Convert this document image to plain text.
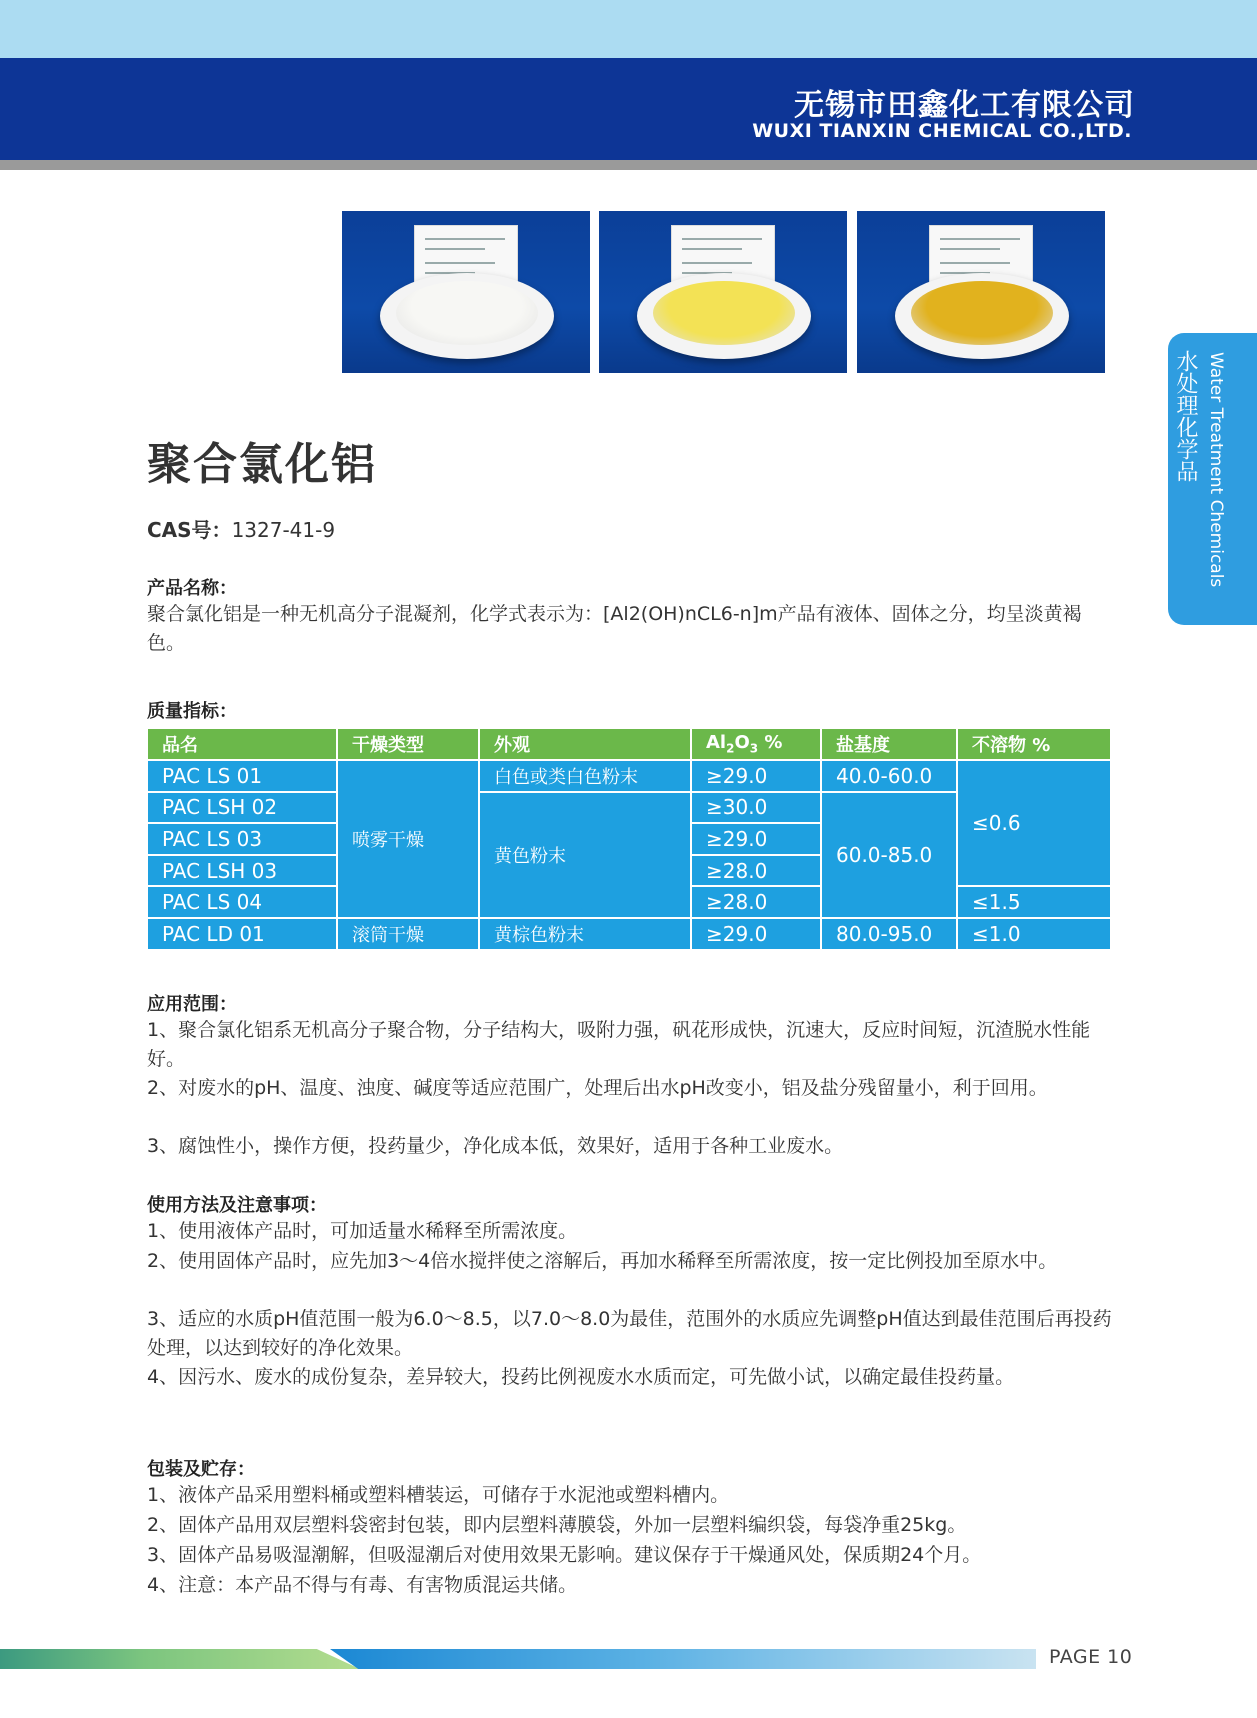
无锡市田鑫化工有限公司
WUXI TIANXIN CHEMICAL CO.,LTD.
水处理化学品 Water Treatment Chemicals
聚合氯化铝
CAS号：1327-41-9
产品名称：
聚合氯化铝是一种无机高分子混凝剂，化学式表示为：[Al2(OH)nCL6-n]m产品有液体、固体之分，均呈淡黄褐色。
质量指标：
品名	干燥类型	外观	$Al_2O_3$ %	盐基度	不溶物 %
PAC LS 01	喷雾干燥	白色或类白色粉末	≥29.0	40.0-60.0	≤0.6
PAC LSH 02		黄色粉末	≥30.0	60.0-85.0	
PAC LS 03			≥29.0		
PAC LSH 03			≥28.0		
PAC LS 04			≥28.0		≤1.5
PAC LD 01	滚筒干燥	黄棕色粉末	≥29.0	80.0-95.0	≤1.0
应用范围：
1、聚合氯化铝系无机高分子聚合物，分子结构大，吸附力强，矾花形成快，沉速大，反应时间短，沉渣脱水性能好。
2、对废水的pH、温度、浊度、碱度等适应范围广，处理后出水pH改变小，铝及盐分残留量小，利于回用。
3、腐蚀性小，操作方便，投药量少，净化成本低，效果好，适用于各种工业废水。
使用方法及注意事项：
1、使用液体产品时，可加适量水稀释至所需浓度。
2、使用固体产品时，应先加3～4倍水搅拌使之溶解后，再加水稀释至所需浓度，按一定比例投加至原水中。
3、适应的水质pH值范围一般为6.0～8.5，以7.0～8.0为最佳，范围外的水质应先调整pH值达到最佳范围后再投药处理，以达到较好的净化效果。
4、因污水、废水的成份复杂，差异较大，投药比例视废水水质而定，可先做小试，以确定最佳投药量。
包装及贮存：
1、液体产品采用塑料桶或塑料槽装运，可储存于水泥池或塑料槽内。
2、固体产品用双层塑料袋密封包装，即内层塑料薄膜袋，外加一层塑料编织袋，每袋净重25kg。
3、固体产品易吸湿潮解，但吸湿潮后对使用效果无影响。建议保存于干燥通风处，保质期24个月。
4、注意：本产品不得与有毒、有害物质混运共储。
PAGE 10
